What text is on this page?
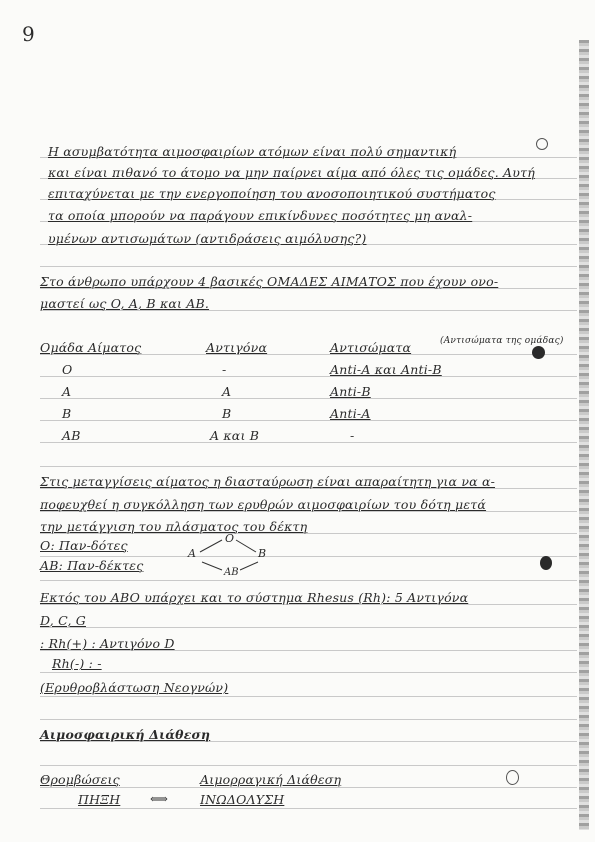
9
Η ασυμβατότητα αιμοσφαιρίων ατόμων είναι πολύ σημαντική
και είναι πιθανό το άτομο να μην παίρνει αίμα από όλες τις ομάδες. Αυτή
επιταχύνεται με την ενεργοποίηση του ανοσοποιητικού συστήματος
τα οποία μπορούν να παράγουν επικίνδυνες ποσότητες μη αναλ-
υμένων αντισωμάτων (αντιδράσεις αιμόλυσης?)
Στο άνθρωπο υπάρχουν 4 βασικές ΟΜΑΔΕΣ ΑΙΜΑΤΟΣ που έχουν ονο-
μαστεί ως O, A, B και AB.
Ομάδα Αίματος	Αντιγόνα	Αντισώματα	(Αντισώματα της ομάδας)
O	-	Anti-A και Anti-B
A	A	Anti-B
B	B	Anti-A
AB	A και B	-
Στις μεταγγίσεις αίματος η διασταύρωση είναι απαραίτητη για να α-
ποφευχθεί η συγκόλληση των ερυθρών αιμοσφαιρίων του δότη μετά
την μετάγγιση του πλάσματος του δέκτη
O: Παν-δότες
AB: Παν-δέκτες
O
A	B
AB
Εκτός του ABO υπάρχει και το σύστημα Rhesus (Rh): 5 Αντιγόνα
D, C, G
: Rh(+) : Αντιγόνο D
Rh(-) : -
(Ερυθροβλάστωση Νεογνών)
Αιμοσφαιρική Διάθεση
Θρομβώσεις	Αιμορραγική Διάθεση
ΠΗΞΗ ⟺	ΙΝΩΔΟΛΥΣΗ
